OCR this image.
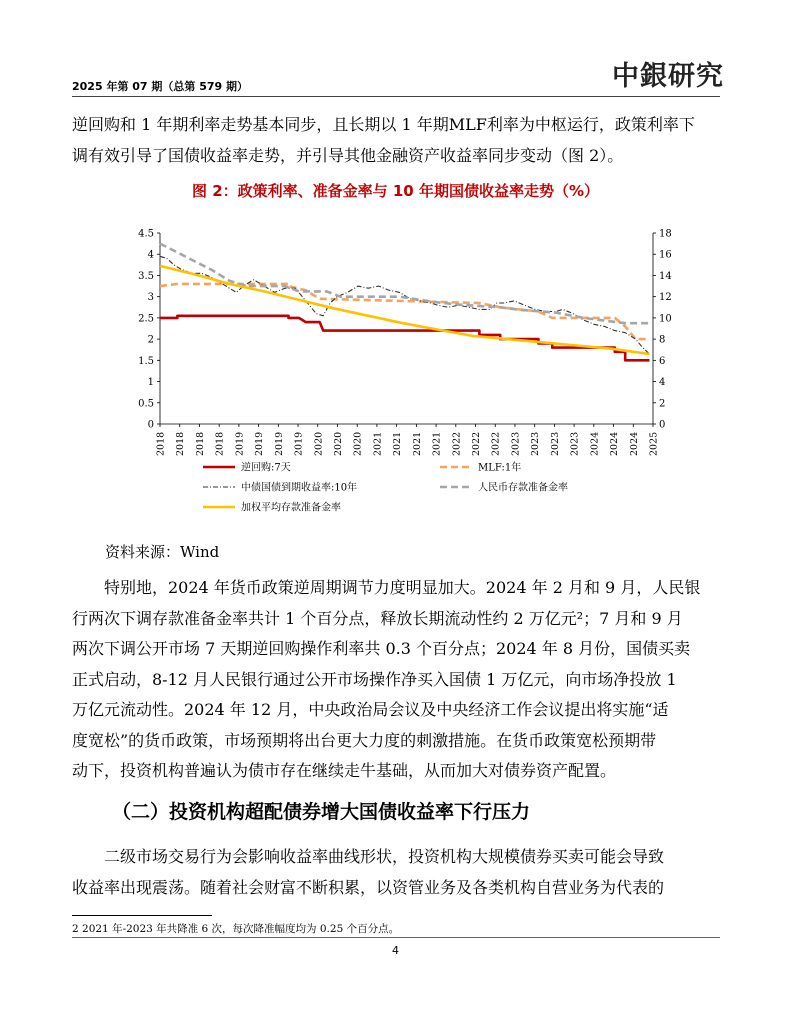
2025 年第 07 期（总第 579 期）	中銀研究
逆回购和 1 年期利率走势基本同步，且长期以 1 年期MLF利率为中枢运行，政策利率下
调有效引导了国债收益率走势，并引导其他金融资产收益率同步变动（图 2）。
图 2：政策利率、准备金率与 10 年期国债收益率走势（%）
0
0.5
1
1.5
2
2.5
3
3.5
4
4.5
0
2
4
6
8
10
12
14
16
18
2018 2018 2018 2018 2019 2019 2019 2019 2020 2020 2020 2021 2021 2021 2021 2022 2022 2022 2023 2023 2023 2023 2024 2024 2024 2025
逆回购:7天	MLF:1年
中债国债到期收益率:10年	人民币存款准备金率
加权平均存款准备金率
资料来源：Wind
特别地，2024 年货币政策逆周期调节力度明显加大。2024 年 2 月和 9 月，人民银
行两次下调存款准备金率共计 1 个百分点，释放长期流动性约 2 万亿元²；7 月和 9 月
两次下调公开市场 7 天期逆回购操作利率共 0.3 个百分点；2024 年 8 月份，国债买卖
正式启动，8-12 月人民银行通过公开市场操作净买入国债 1 万亿元，向市场净投放 1
万亿元流动性。2024 年 12 月，中央政治局会议及中央经济工作会议提出将实施“适
度宽松”的货币政策，市场预期将出台更大力度的刺激措施。在货币政策宽松预期带
动下，投资机构普遍认为债市存在继续走牛基础，从而加大对债券资产配置。
（二）投资机构超配债券增大国债收益率下行压力
二级市场交易行为会影响收益率曲线形状，投资机构大规模债券买卖可能会导致
收益率出现震荡。随着社会财富不断积累，以资管业务及各类机构自营业务为代表的
2 2021 年-2023 年共降准 6 次，每次降准幅度均为 0.25 个百分点。
4
